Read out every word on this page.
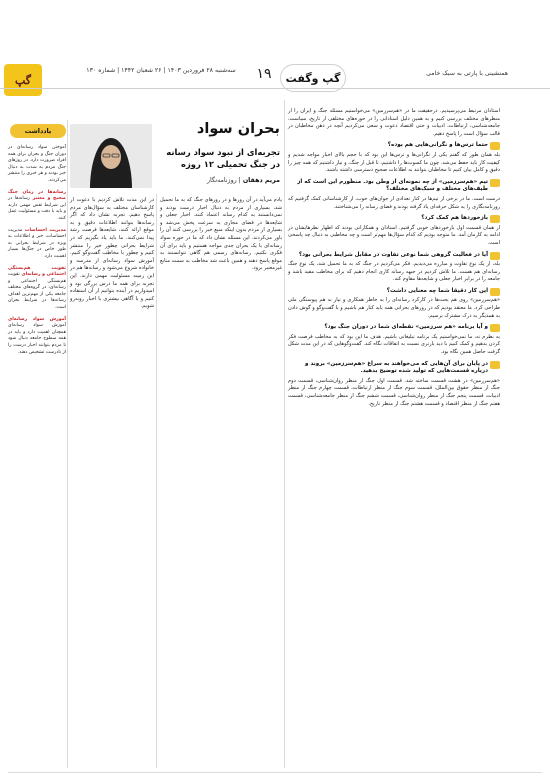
گپ
سه‌شنبه ۲۸ فروردین ۱۴۰۳ | ۲۶ شعبان ۱۴۴۲ | شماره ۱۳۰	۱۹	گپ وگفت	همنشینی با پارتی به سبک خامی

استادان مرتبط می‌پرسیدیم. درحقیقت ما در «هم‌سرزمین» می‌خواستیم مسئله جنگ و ایران را از منظرهای مختلف بررسی کنیم و به همین دلیل استادانی را در حوزه‌های مختلفی از تاریخ، سیاست، جامعه‌شناسی، ارتباطات، ادبیات و حتی اقتصاد دعوت و سعی می‌کردیم آنچه در ذهن مخاطبان در قالب سؤال است را پاسخ دهیم.

حتما ترس‌ها و نگرانی‌هایی هم بوده؟

بله همان طور که گفتم یکی از نگرانی‌ها و ترس‌ها این بود که با حجم بالای اخبار مواجه شدیم و کیفیت کار باید حفظ می‌شد. چون ما کسوت‌ها را داشتیم، تا قبل از جنگ، و نیاز داشتیم که همه چیز را دقیق و کامل بیان کنیم تا مخاطبان بتوانند به اطلاعات صحیح دسترسی داشته باشند.

تیم «هم‌سرزمین» از چه نمونه‌ای از وطن بود. منظورم این است که از طیف‌های مختلف و سبک‌های مختلف؟

درست است. ما در برخی از تیم‌ها در کنار تعدادی از جوان‌های خوب، از کارشناسانی کمک گرفتیم که روزنامه‌نگاری را به شکل حرفه‌ای یاد گرفته بودند و فضای رسانه را می‌شناختند.

بازخوردها هم کمک کرد؟

از همان قسمت اول بازخوردهای خوبی گرفتیم. استادان و همکارانی بودند که اظهار نظرهایشان در ادامه به کارمان آمد. ما متوجه بودیم که کدام سؤال‌ها مهم‌تر است و چه مخاطبی به دنبال چه پاسخی است.

آیا در فعالیت گروهی شما نوعی تفاوت در مقابل شرایط بحرانی بود؟

بله، از یک نوع تفاوت و مبارزه می‌دیدیم. فکر می‌کردیم در جنگ که به ما تحمیل شد، یک نوع جنگ رسانه‌ای هم هست. ما تلاش کردیم در جبهه رسانه کاری انجام دهیم که برای مخاطب مفید باشد و جامعه را در برابر اخبار جعلی و شایعه‌ها مقاوم کند.

این کار دقیقا شما چه معنایی داشت؟

«هم‌سرزمین» روی هم بحث‌ها در کارکرد رسانه‌ای را به خاطر همکاری و نیاز به هم پیوستگی ملی طراحی کرد. ما معتقد بودیم که در روزهای بحرانی همه باید کنار هم باشیم و با گفت‌وگو و گوش دادن به همدیگر به درک مشترک برسیم.

و آیا برنامه «هم سرزمین» نقطه‌ای شما در دوران جنگ بود؟

به نظرم نه، ما نمی‌خواستیم یک برنامه تبلیغاتی باشیم. هدف ما این بود که به مخاطب فرصت فکر کردن بدهیم و کمک کنیم با دید بازتری نسبت به اتفاقات نگاه کند. گفت‌وگوهایی که در این مدت شکل گرفت حاصل همین نگاه بود.

در پایان برای آن‌هایی که می‌خواهند به سراغ «هم‌سرزمین» بروند و درباره قسمت‌هایی که تولید شده توضیح بدهید.

«هم‌سرزمین» در هشت قسمت ساخته شد. قسمت اول جنگ از منظر روان‌شناسی، قسمت دوم جنگ از منظر حقوق بین‌الملل، قسمت سوم جنگ از منظر ارتباطات، قسمت چهارم جنگ از منظر ادبیات، قسمت پنجم جنگ از منظر روان‌شناسی، قسمت ششم جنگ از منظر جامعه‌شناسی، قسمت هفتم جنگ از منظر اقتصاد و قسمت هشتم جنگ از منظر تاریخ.

بحران سواد
تجربه‌ای از نبود سواد رسانه در جنگ تحمیلی ۱۲ روزه
مریم دهقان | روزنامه‌نگار

یادم می‌آید در آن روزها و در روزهای جنگ که به ما تحمیل شد، بسیاری از مردم به دنبال اخبار درست بودند و نمی‌دانستند به کدام رسانه اعتماد کنند. اخبار جعلی و شایعه‌ها در فضای مجازی به سرعت پخش می‌شد و بسیاری از مردم بدون اینکه منبع خبر را بررسی کنند آن را باور می‌کردند. این مسئله نشان داد که ما در حوزه سواد رسانه‌ای با یک بحران جدی مواجه هستیم و باید برای آن فکری بکنیم. رسانه‌های رسمی هم گاهی نتوانستند به موقع پاسخ دهند و همین باعث شد مخاطب به سمت منابع غیرمعتبر برود.

در این مدت تلاش کردیم با دعوت از کارشناسان مختلف به سؤال‌های مردم پاسخ دهیم. تجربه نشان داد که اگر رسانه‌ها بتوانند اطلاعات دقیق و به موقع ارائه کنند، شایعه‌ها فرصت رشد پیدا نمی‌کنند. ما باید یاد بگیریم که در شرایط بحرانی چطور خبر را منتشر کنیم و چطور با مخاطب گفت‌وگو کنیم. آموزش سواد رسانه‌ای از مدرسه و خانواده شروع می‌شود و رسانه‌ها هم در این زمینه مسئولیت مهمی دارند. این تجربه برای همه ما درس بزرگی بود و امیدواریم در آینده بتوانیم از آن استفاده کنیم و با آگاهی بیشتری با اخبار روبه‌رو شویم.

یادداشت

آموختن سواد رسانه‌ای در دوران جنگ و بحران برای همه افراد ضرورت دارد. در روزهای جنگ مردم به شدت به دنبال خبر بودند و هر خبری را منتشر می‌کردند.

رسانه‌ها در زمان جنگ صحیح و معتبر رسانه‌ها در این شرایط نقش مهمی دارند و باید با دقت و مسئولیت عمل کنند.

مدیریت احساسات مدیریت احساسات، خبر و اطلاعات به ویژه در شرایط بحرانی به طور خاص در جنگ‌ها بسیار اهمیت دارد.

تقویت هم‌بستگی اجتماعی و رسانه‌ای تقویت هم‌بستگی اجتماعی و رسانه‌ای، در گروه‌های مختلف جامعه یکی از مهم‌ترین اهداف رسانه‌ها در شرایط بحران است.

آموزش سواد رسانه‌ای آموزش سواد رسانه‌ای همچنان اهمیت دارد و باید در همه سطوح جامعه دنبال شود تا مردم بتوانند اخبار درست را از نادرست تشخیص دهند.
